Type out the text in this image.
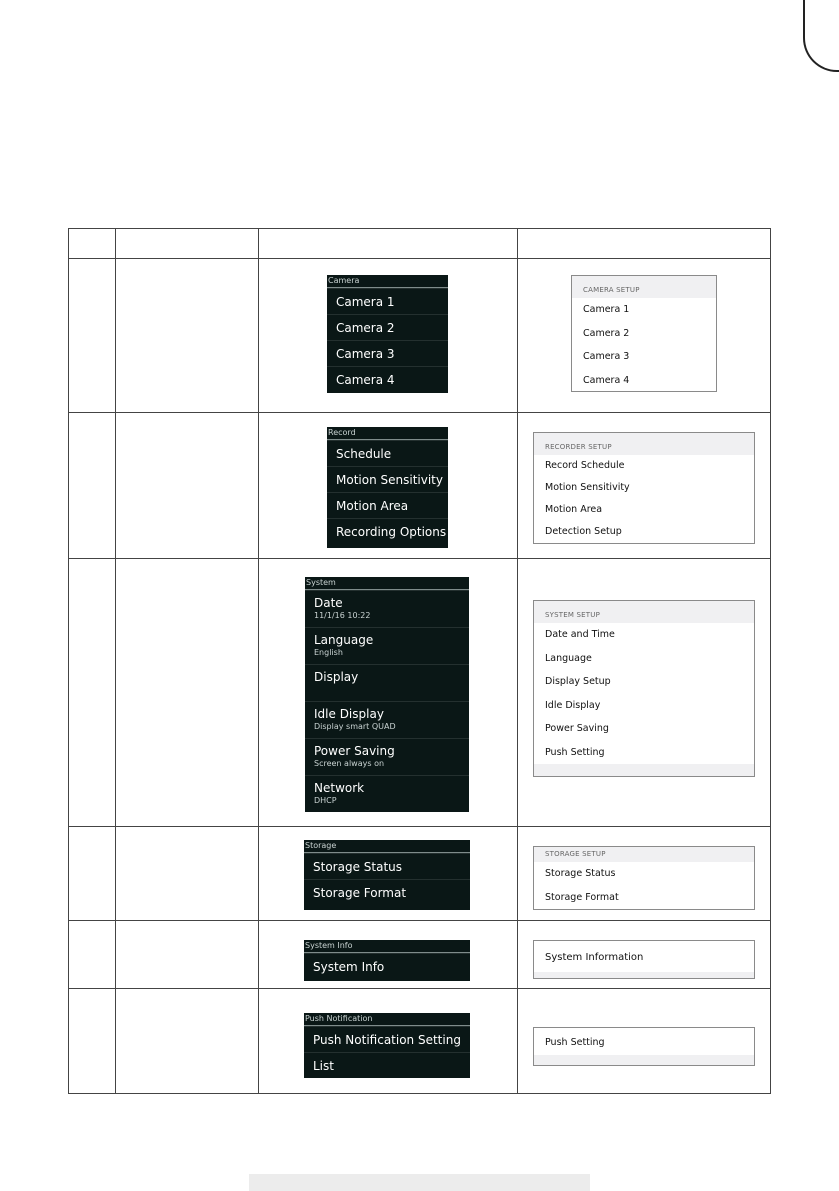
Camera
Camera 1
Camera 2
Camera 3
Camera 4
CAMERA SETUP
Camera 1
Camera 2
Camera 3
Camera 4
Record
Schedule
Motion Sensitivity
Motion Area
Recording Options
RECORDER SETUP
Record Schedule
Motion Sensitivity
Motion Area
Detection Setup
System
Date
11/1/16 10:22
Language
English
Display
Idle Display
Display smart QUAD
Power Saving
Screen always on
Network
DHCP
SYSTEM SETUP
Date and Time
Language
Display Setup
Idle Display
Power Saving
Push Setting
Storage
Storage Status
Storage Format
STORAGE SETUP
Storage Status
Storage Format
System Info
System Info
System Information
Push Notification
Push Notification Setting
List
Push Setting
